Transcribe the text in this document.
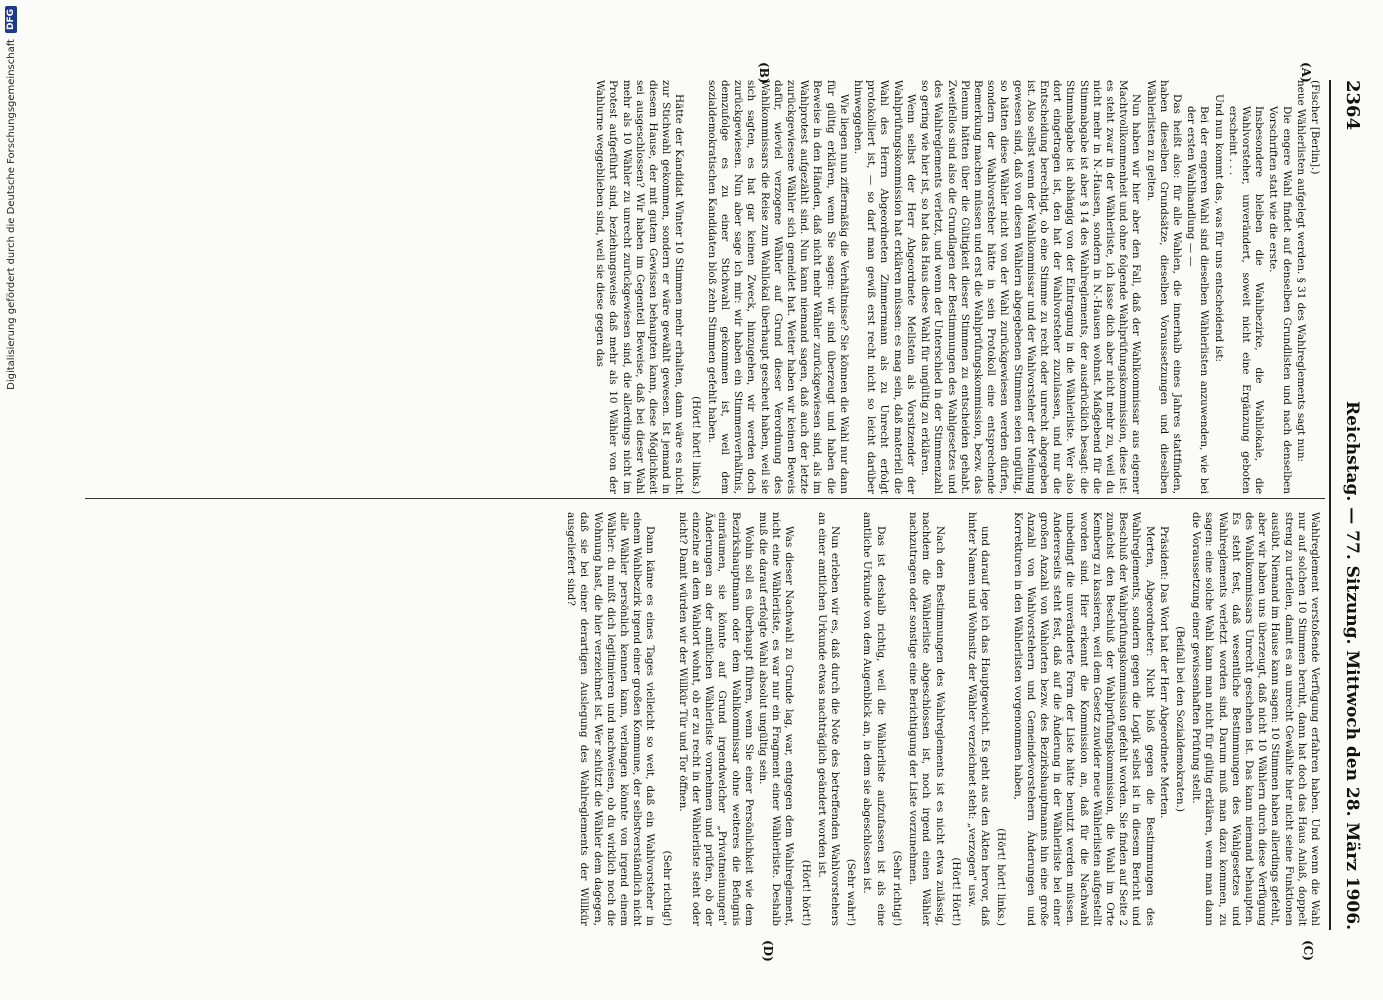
2364
Reichstag. — 77. Sitzung. Mittwoch den 28. März 1906.
(A)
(B)
(C)
(D)

(Fischer [Berlin].)

neue Wählerlisten aufgelegt werden. § 31 des Wahlreglements sagt nun:

Die engere Wahl findet auf denselben Grundlisten und nach denselben Vorschriften statt wie die erste.

Insbesondere bleiben die Wahlbezirke, die Wahllokale, die Wahlvorsteher, unverändert, soweit nicht eine Ergänzung geboten erscheint . . .

Und nun kommt das, was für uns entscheidend ist:

Bei der engeren Wahl sind dieselben Wählerlisten anzuwenden, wie bei der ersten Wahlhandlung — —

Das heißt also: für alle Wahlen, die innerhalb eines Jahres stattfinden, haben dieselben Grundsätze, dieselben Voraussetzungen und dieselben Wählerlisten zu gelten.

Nun haben wir hier aber den Fall, daß der Wahlkommissar aus eigener Machtvollkommenheit und ohne folgende Wahlprüfungskommission, diese ist: es steht zwar in der Wählerliste, ich lasse dich aber nicht mehr zu, weil du nicht mehr in N.-Hausen, sondern in N.-Hausen wohnst. Maßgebend für die Stimmabgabe ist aber § 14 des Wahlreglements, der ausdrücklich besagt: die Stimmabgabe ist abhängig von der Eintragung in die Wählerliste. Wer also dort eingetragen ist, den hat der Wahlvorsteher zuzulassen, und nur die Entscheidung berechtigt, ob eine Stimme zu recht oder unrecht abgegeben ist. Also selbst wenn der Wahlkommissar und der Wahlvorsteher der Meinung gewesen sind, daß von diesen Wählern abgegebenen Stimmen seien ungültig, so hätten diese Wähler nicht von der Wahl zurückgewiesen werden dürfen, sondern der Wahlvorsteher hätte in sein Protokoll eine entsprechende Bemerkung machen müssen und erst die Wahlprüfungskommission, bezw. das Plenum hätten über die Gültigkeit dieser Stimmen zu entscheiden gehabt. Zweifellos sind also die Grundlagen der Bestimmungen des Wahlgesetzes und des Wahlreglements verletzt, und wenn der Unterschied in der Stimmenzahl so gering wie hier ist, so hat das Haus diese Wahl für ungültig zu erklären.

Wenn selbst der Herr Abgeordnete Mellstein als Vorsitzender der Wahlprüfungskommission hat erklären müssen: es mag sein, daß materiell die Wahl des Herrn Abgeordneten Zimmermann als zu Unrecht erfolgt protokolliert ist, — so darf man gewiß erst recht nicht so leicht darüber hinweggehen.

Wie liegen nun ziffermäßig die Verhältnisse? Sie können die Wahl nur dann für gültig erklären, wenn Sie sagen: wir sind überzeugt und haben die Beweise in den Händen, daß nicht mehr Wähler zurückgewiesen sind, als im Wahlprotest aufgezählt sind. Nun kann niemand sagen, daß auch der letzte zurückgewiesene Wähler sich gemeldet hat. Weiter haben wir keinen Beweis dafür, wieviel verzogene Wähler auf Grund dieser Verordnung des Wahlkommissars die Reise zum Wahllokal überhaupt gescheut haben, weil sie sich sagten, es hat gar keinen Zweck, hinzugehen, wir werden doch zurückgewiesen. Nun aber sage ich mir: wir haben ein Stimmenverhältnis, demzufolge es zu einer Stichwahl gekommen ist, weil dem sozialdemokratischen Kandidaten bloß zehn Stimmen gefehlt haben.

(Hört! hört! links.)

Hätte der Kandidat Winter 10 Stimmen mehr erhalten, dann wäre es nicht zur Stichwahl gekommen, sondern er wäre gewählt gewesen. Ist jemand in diesem Hause, der mit gutem Gewissen behaupten kann, diese Möglichkeit sei ausgeschlossen? Wir haben im Gegenteil Beweise, daß bei dieser Wahl mehr als 10 Wähler zu unrecht zurückgewiesen sind, die allerdings nicht im Protest aufgeführt sind, beziehungsweise daß mehr als 10 Wähler von der Wahlurne weggeblieben sind, weil sie diese gegen das

Wahlreglement verstoßende Verfügung erfahren haben. Und wenn die Wahl nur auf solchen 10 Stimmen beruht, dann hat doch das Haus Anlaß, doppelt streng zu urteilen, damit es an unrecht Gewählte hier nicht seine Funktionen ausübt. Niemand im Hause kann sagen: 10 Stimmen haben allerdings gefehlt, aber wir haben uns überzeugt, daß nicht 10 Wählern durch diese Verfügung des Wahlkommissars Unrecht geschehen ist. Das kann niemand behaupten. Es steht fest, daß wesentliche Bestimmungen des Wahlgesetzes und Wahlreglements verletzt worden sind. Darum muß man dazu kommen, zu sagen: eine solche Wahl kann man nicht für gültig erklären, wenn man dann die Voraussetzung einer gewissenhaften Prüfung stellt.

(Beifall bei den Sozialdemokraten.)

Präsident: Das Wort hat der Herr Abgeordnete Merten.

Merten, Abgeordneter: Nicht bloß gegen die Bestimmungen des Wahlreglements, sondern gegen die Logik selbst ist in diesem Bericht und Beschluß der Wahlprüfungskommission gefehlt worden. Sie finden auf Seite 2 zunächst den Beschluß der Wahlprüfungskommission, die Wahl im Orte Kemberg zu kassieren, weil dem Gesetz zuwider neue Wählerlisten aufgestellt worden sind. Hier erkennt die Kommission an, daß für die Nachwahl unbedingt die unveränderte Form der Liste hätte benutzt werden müssen. Andererseits steht fest, daß auf die Änderung in der Wählerliste bei einer großen Anzahl von Wahlorten bezw. des Bezirkshauptmanns hin eine große Anzahl von Wahlvorstehern und Gemeindevorstehern Änderungen und Korrekturen in den Wählerlisten vorgenommen haben,

(Hört! hört! links.)

und darauf lege ich das Hauptgewicht. Es geht aus den Akten hervor, daß hinter Namen und Wohnsitz der Wähler verzeichnet steht: „verzogen" usw.

(Hört! Hört!)

Nach den Bestimmungen des Wahlreglements ist es nicht etwa zulässig, nachdem die Wählerliste abgeschlossen ist, noch irgend einen Wähler nachzutragen oder sonstige eine Berichtigung der Liste vorzunehmen.

(Sehr richtig!)

Das ist deshalb richtig, weil die Wählerliste aufzufassen ist als eine amtliche Urkunde von dem Augenblick an, in dem sie abgeschlossen ist.

(Sehr wahr!)

Nun erleben wir es, daß durch die Note des betreffenden Wahlvorstehers an einer amtlichen Urkunde etwas nachträglich geändert worden ist.

(Hört! hört!)

Was dieser Nachwahl zu Grunde lag, war, entgegen dem Wahlreglement, nicht eine Wählerliste, es war nur ein Fragment einer Wählerliste. Deshalb muß die darauf erfolgte Wahl absolut ungültig sein.

Wohin soll es überhaupt führen, wenn Sie einer Persönlichkeit wie dem Bezirkshauptmann oder dem Wahlkommissar ohne weiteres die Befugnis einräumen, sie könnte auf Grund irgendwelcher „Privatmeinungen" Änderungen an der amtlichen Wählerliste vornehmen und prüfen, ob der einzelne an dem Wahlort wohnt, ob er zu recht in der Wählerliste steht oder nicht? Damit würden wir der Willkür Tür und Tor öffnen.

(Sehr richtig!)

Dann käme es eines Tages vielleicht so weit, daß ein Wahlvorsteher in einem Wahlbezirk irgend einer großen Kommune, der selbstverständlich nicht alle Wähler persönlich kennen kann, verlangen könnte von irgend einem Wähler: du mußt dich legitimieren und nachweisen, ob du wirklich noch die Wohnung hast, die hier verzeichnet ist. Wer schützt die Wähler dem dagegen, daß sie bei einer derartigen Auslegung des Wahlreglements der Willkür ausgeliefert sind?

Digitalisierung gefördert durch die Deutsche Forschungsgemeinschaft
DFG
